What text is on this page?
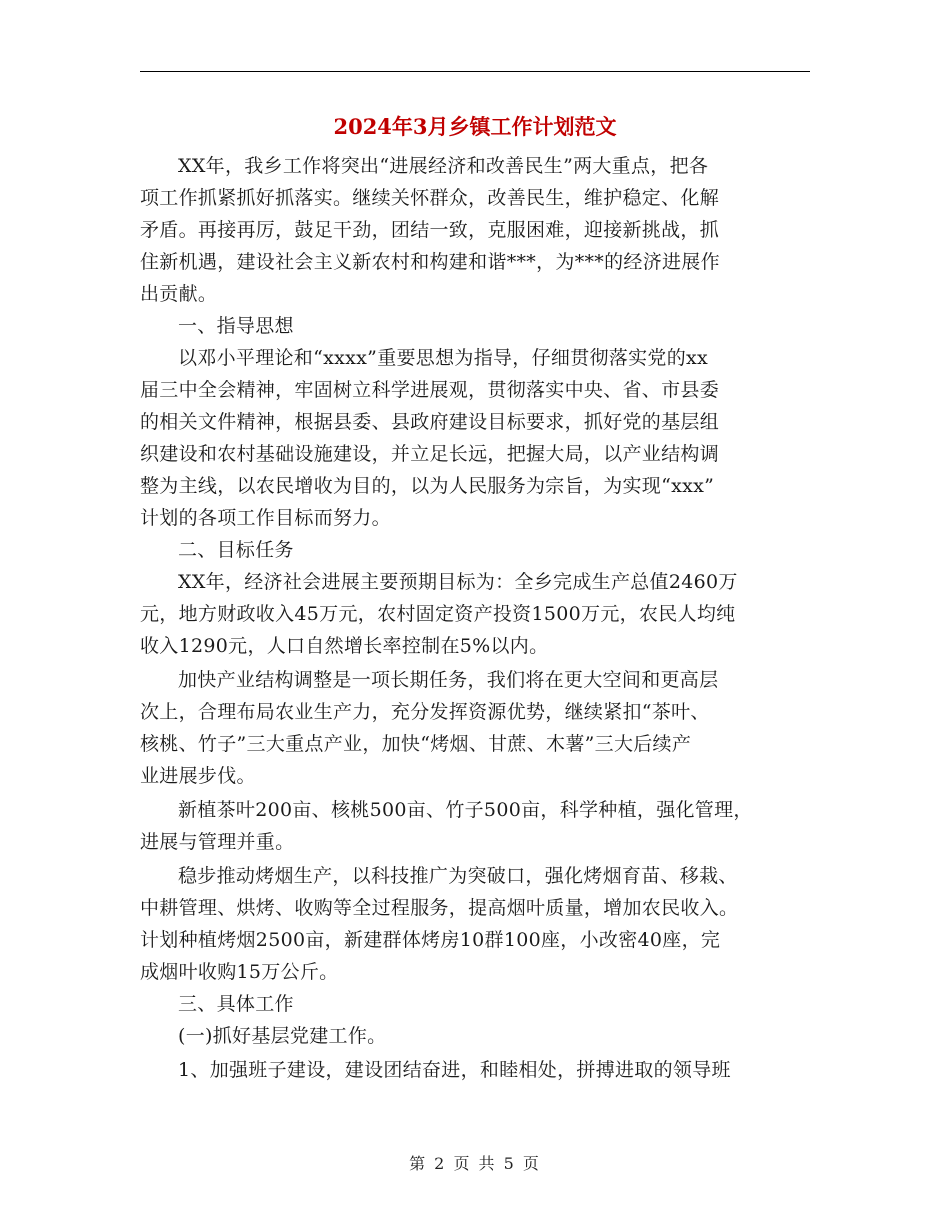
2024年3月乡镇工作计划范文

XX年，我乡工作将突出“进展经济和改善民生”两大重点，把各
项工作抓紧抓好抓落实。继续关怀群众，改善民生，维护稳定、化解
矛盾。再接再厉，鼓足干劲，团结一致，克服困难，迎接新挑战，抓
住新机遇，建设社会主义新农村和构建和谐***，为***的经济进展作
出贡献。

一、指导思想

以邓小平理论和“xxxx”重要思想为指导，仔细贯彻落实党的xx
届三中全会精神，牢固树立科学进展观，贯彻落实中央、省、市县委
的相关文件精神，根据县委、县政府建设目标要求，抓好党的基层组
织建设和农村基础设施建设，并立足长远，把握大局，以产业结构调
整为主线，以农民增收为目的，以为人民服务为宗旨，为实现“xxx”
计划的各项工作目标而努力。

二、目标任务

XX年，经济社会进展主要预期目标为：全乡完成生产总值2460万
元，地方财政收入45万元，农村固定资产投资1500万元，农民人均纯
收入1290元，人口自然增长率控制在5%以内。

加快产业结构调整是一项长期任务，我们将在更大空间和更高层
次上，合理布局农业生产力，充分发挥资源优势，继续紧扣“茶叶、
核桃、竹子”三大重点产业，加快“烤烟、甘蔗、木薯”三大后续产
业进展步伐。

新植茶叶200亩、核桃500亩、竹子500亩，科学种植，强化管理，
进展与管理并重。

稳步推动烤烟生产，以科技推广为突破口，强化烤烟育苗、移栽、
中耕管理、烘烤、收购等全过程服务，提高烟叶质量，增加农民收入。
计划种植烤烟2500亩，新建群体烤房10群100座，小改密40座，完
成烟叶收购15万公斤。

三、具体工作

(一)抓好基层党建工作。

1、加强班子建设，建设团结奋进，和睦相处，拼搏进取的领导班

第 2 页 共 5 页
